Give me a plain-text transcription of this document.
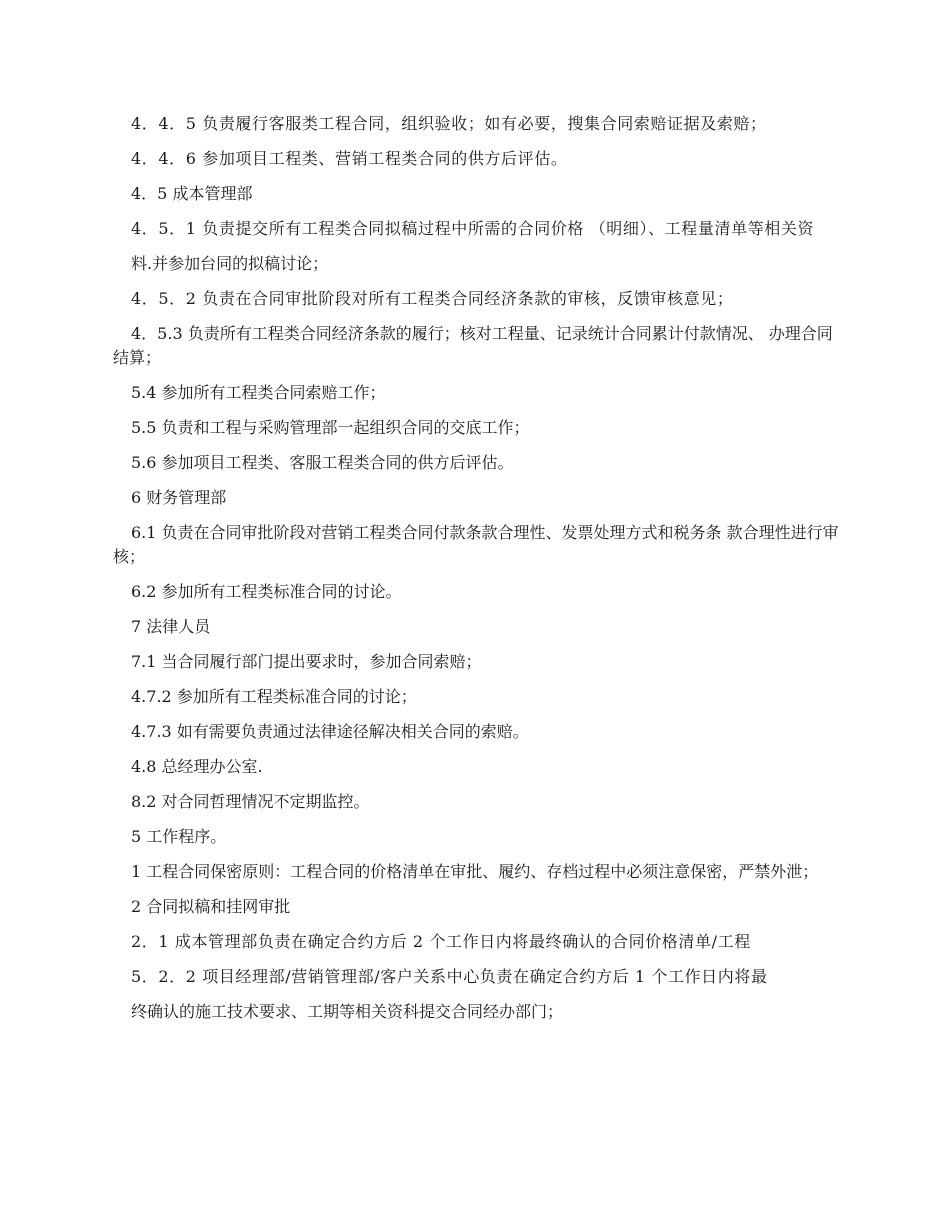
4．4．5 负责履行客服类工程合同，组织验收；如有必要，搜集合同索赔证据及索赔；

4．4．6 参加项目工程类、营销工程类合同的供方后评估。

4．5 成本管理部

4．5．1 负责提交所有工程类合同拟稿过程中所需的合同价格 （明细）、工程量清单等相关资

料.并参加台同的拟稿讨论；

4．5．2 负责在合同审批阶段对所有工程类合同经济条款的审核，反馈审核意见；

4．5.3 负责所有工程类合同经济条款的履行；核对工程量、记录统计合同累计付款情况、 办理合同结算；

5.4 参加所有工程类合同索赔工作；

5.5 负责和工程与采购管理部一起组织合同的交底工作；

5.6 参加项目工程类、客服工程类合同的供方后评估。

6 财务管理部

6.1 负责在合同审批阶段对营销工程类合同付款条款合理性、发票处理方式和税务条 款合理性进行审核；

6.2 参加所有工程类标准合同的讨论。

7 法律人员

7.1 当合同履行部门提出要求时，参加合同索赔；

4.7.2 参加所有工程类标准合同的讨论；

4.7.3 如有需要负责通过法律途径解决相关合同的索赔。

4.8 总经理办公室.

8.2 对合同哲理情况不定期监控。

5 工作程序。

1 工程合同保密原则：工程合同的价格清单在审批、履约、存档过程中必须注意保密，严禁外泄；

2 合同拟稿和挂网审批

2．1 成本管理部负责在确定合约方后 2 个工作日内将最终确认的合同价格清单/工程

5．2．2 项目经理部/营销管理部/客户关系中心负责在确定合约方后 1 个工作日内将最

终确认的施工技术要求、工期等相关资科提交合同经办部门；
